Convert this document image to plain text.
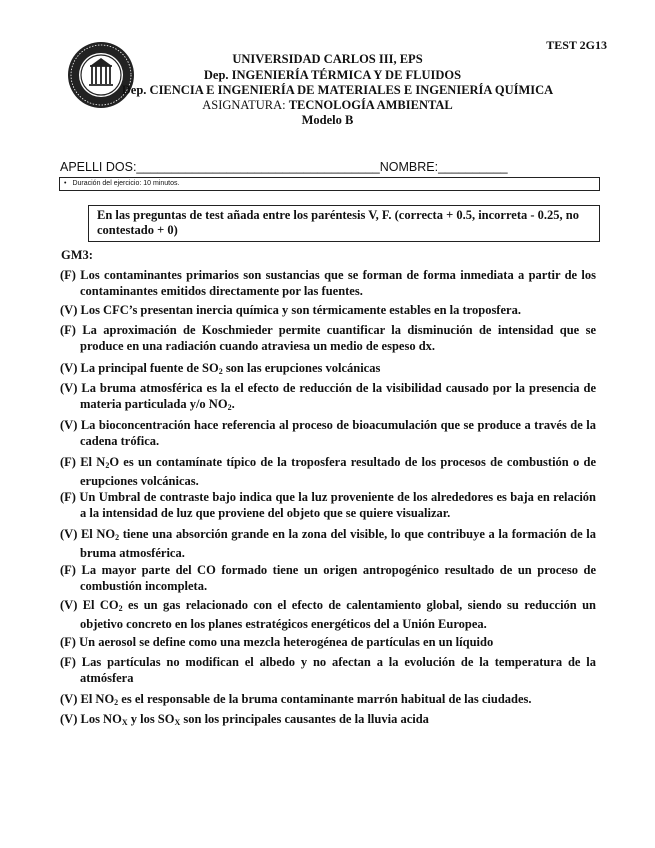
TEST 2G13
UNIVERSIDAD CARLOS III, EPS
Dep. INGENIERÍA TÉRMICA Y DE FLUIDOS
Dep. CIENCIA E INGENIERÍA DE MATERIALES E INGENIERÍA QUÍMICA
ASIGNATURA: TECNOLOGÍA AMBIENTAL
Modelo B
APELLI DOS:___________________________________NOMBRE:__________
• Duración del ejercicio: 10 minutos.
En las preguntas de test añada entre los paréntesis V, F. (correcta + 0.5, incorreta - 0.25, no contestado + 0)
GM3:
(F) Los contaminantes primarios son sustancias que se forman de forma inmediata a partir de los contaminantes emitidos directamente por las fuentes.
(V) Los CFC’s presentan inercia química y son térmicamente estables en la troposfera.
(F) La aproximación de Koschmieder permite cuantificar la disminución de intensidad que se produce en una radiación cuando atraviesa un medio de espeso dx.
(V) La principal fuente de $SO_2$ son las erupciones volcánicas
(V) La bruma atmosférica es la el efecto de reducción de la visibilidad causado por la presencia de materia particulada y/o $NO_2$.
(V) La bioconcentración hace referencia al proceso de bioacumulación que se produce a través de la cadena trófica.
(F) El $N_2O$ es un contamínate típico de la troposfera resultado de los procesos de combustión o de erupciones volcánicas.
(F) Un Umbral de contraste bajo indica que la luz proveniente de los alrededores es baja en relación a la intensidad de luz que proviene del objeto que se quiere visualizar.
(V) El $NO_2$ tiene una absorción grande en la zona del visible, lo que contribuye a la formación de la bruma atmosférica.
(F) La mayor parte del CO formado tiene un origen antropogénico resultado de un proceso de combustión incompleta.
(V) El $CO_2$ es un gas relacionado con el efecto de calentamiento global, siendo su reducción un objetivo concreto en los planes estratégicos energéticos del a Unión Europea.
(F) Un aerosol se define como una mezcla heterogénea de partículas en un líquido
(F) Las partículas no modifican el albedo y no afectan a la evolución de la temperatura de la atmósfera
(V) El $NO_2$ es el responsable de la bruma contaminante marrón habitual de las ciudades.
(V) Los $NO_X$ y los $SO_X$ son los principales causantes de la lluvia acida
